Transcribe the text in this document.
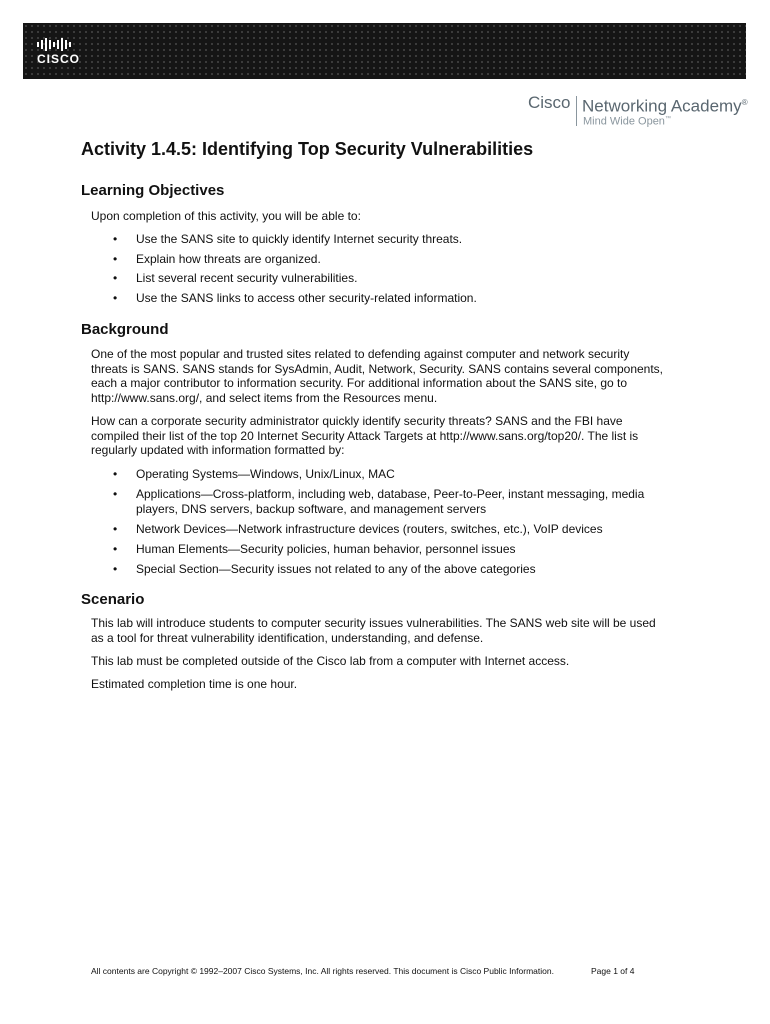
CISCO
Cisco Networking Academy®
Mind Wide Open™
Activity 1.4.5: Identifying Top Security Vulnerabilities
Learning Objectives

Upon completion of this activity, you will be able to:

• Use the SANS site to quickly identify Internet security threats.
• Explain how threats are organized.
• List several recent security vulnerabilities.
• Use the SANS links to access other security-related information.
Background

One of the most popular and trusted sites related to defending against computer and network security threats is SANS. SANS stands for SysAdmin, Audit, Network, Security. SANS contains several components, each a major contributor to information security. For additional information about the SANS site, go to http://www.sans.org/, and select items from the Resources menu.

How can a corporate security administrator quickly identify security threats? SANS and the FBI have compiled their list of the top 20 Internet Security Attack Targets at http://www.sans.org/top20/. The list is regularly updated with information formatted by:

• Operating Systems—Windows, Unix/Linux, MAC
• Applications—Cross-platform, including web, database, Peer-to-Peer, instant messaging, media players, DNS servers, backup software, and management servers
• Network Devices—Network infrastructure devices (routers, switches, etc.), VoIP devices
• Human Elements—Security policies, human behavior, personnel issues
• Special Section—Security issues not related to any of the above categories
Scenario

This lab will introduce students to computer security issues vulnerabilities. The SANS web site will be used as a tool for threat vulnerability identification, understanding, and defense.

This lab must be completed outside of the Cisco lab from a computer with Internet access.

Estimated completion time is one hour.

All contents are Copyright © 1992–2007 Cisco Systems, Inc. All rights reserved. This document is Cisco Public Information.	Page 1 of 4
